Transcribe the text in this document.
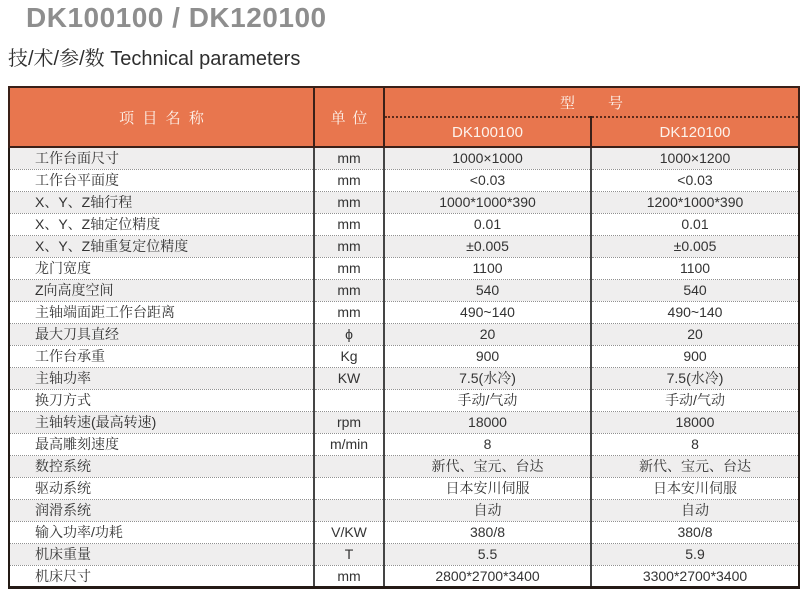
DK100100 / DK120100
技/术/参/数 Technical parameters
项目名称	单位	型号	
		DK100100	DK120100
工作台面尺寸	mm	1000×1000	1000×1200
工作台平面度	mm	<0.03	<0.03
X、Y、Z轴行程	mm	1000*1000*390	1200*1000*390
X、Y、Z轴定位精度	mm	0.01	0.01
X、Y、Z轴重复定位精度	mm	±0.005	±0.005
龙门宽度	mm	1100	1100
Z向高度空间	mm	540	540
主轴端面距工作台距离	mm	490~140	490~140
最大刀具直经	ϕ	20	20
工作台承重	Kg	900	900
主轴功率	KW	7.5(水冷)	7.5(水冷)
换刀方式		手动/气动	手动/气动
主轴转速(最高转速)	rpm	18000	18000
最高雕刻速度	m/min	8	8
数控系统		新代、宝元、台达	新代、宝元、台达
驱动系统		日本安川伺服	日本安川伺服
润滑系统		自动	自动
输入功率/功耗	V/KW	380/8	380/8
机床重量	T	5.5	5.9
机床尺寸	mm	2800*2700*3400	3300*2700*3400
